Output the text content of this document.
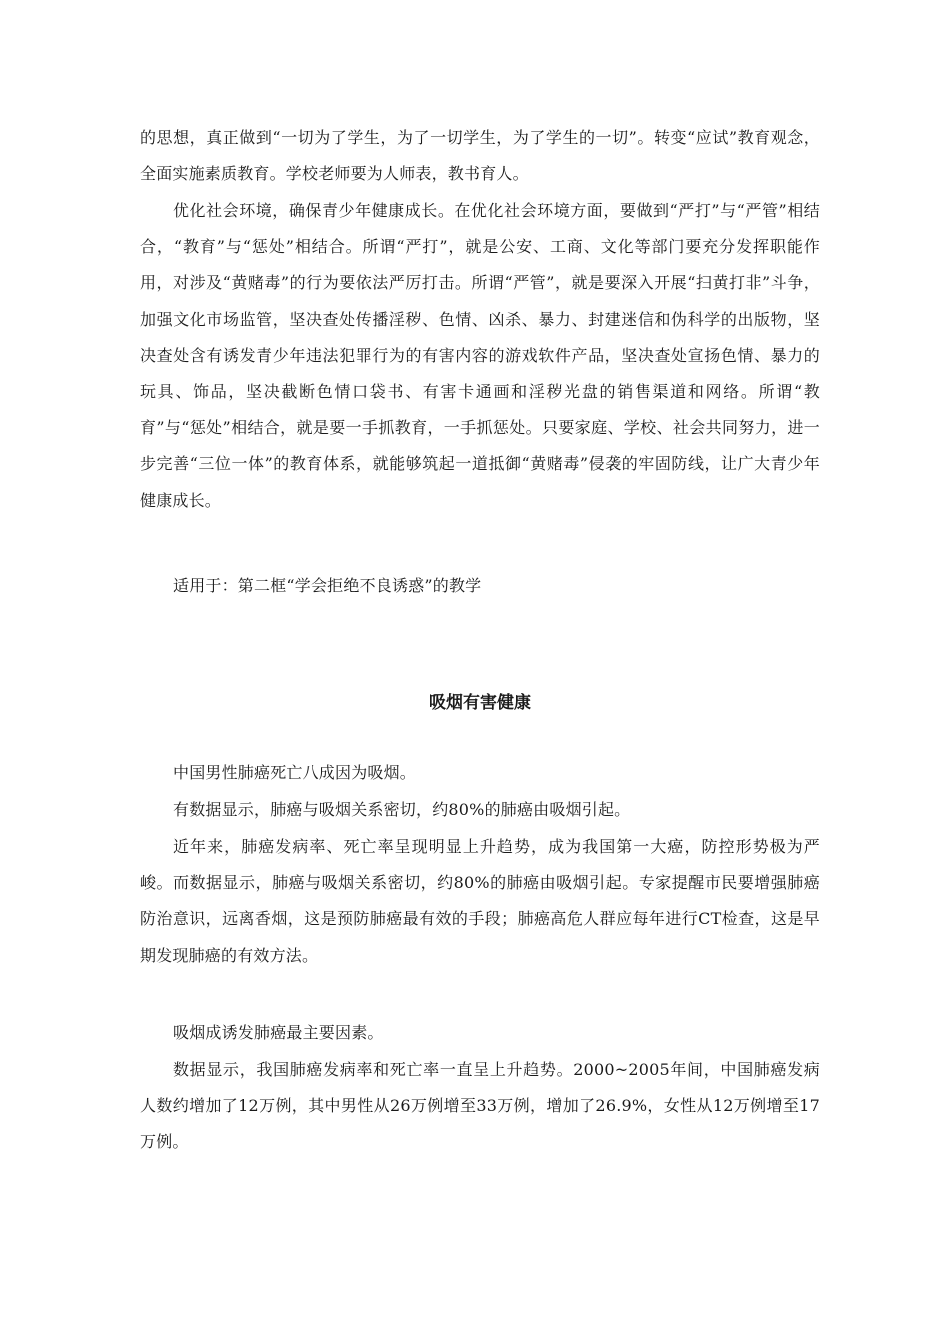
的思想，真正做到“一切为了学生，为了一切学生，为了学生的一切”。转变“应试”教育观念，全面实施素质教育。学校老师要为人师表，教书育人。

优化社会环境，确保青少年健康成长。在优化社会环境方面，要做到“严打”与“严管”相结合，“教育”与“惩处”相结合。所谓“严打”，就是公安、工商、文化等部门要充分发挥职能作用，对涉及“黄赌毒”的行为要依法严厉打击。所谓“严管”，就是要深入开展“扫黄打非”斗争，加强文化市场监管，坚决查处传播淫秽、色情、凶杀、暴力、封建迷信和伪科学的出版物，坚决查处含有诱发青少年违法犯罪行为的有害内容的游戏软件产品，坚决查处宣扬色情、暴力的玩具、饰品，坚决截断色情口袋书、有害卡通画和淫秽光盘的销售渠道和网络。所谓“教育”与“惩处”相结合，就是要一手抓教育，一手抓惩处。只要家庭、学校、社会共同努力，进一步完善“三位一体”的教育体系，就能够筑起一道抵御“黄赌毒”侵袭的牢固防线，让广大青少年健康成长。

适用于：第二框“学会拒绝不良诱惑”的教学

吸烟有害健康

中国男性肺癌死亡八成因为吸烟。

有数据显示，肺癌与吸烟关系密切，约80%的肺癌由吸烟引起。

近年来，肺癌发病率、死亡率呈现明显上升趋势，成为我国第一大癌，防控形势极为严峻。而数据显示，肺癌与吸烟关系密切，约80%的肺癌由吸烟引起。专家提醒市民要增强肺癌防治意识，远离香烟，这是预防肺癌最有效的手段；肺癌高危人群应每年进行CT检查，这是早期发现肺癌的有效方法。

吸烟成诱发肺癌最主要因素。

数据显示，我国肺癌发病率和死亡率一直呈上升趋势。2000~2005年间，中国肺癌发病人数约增加了12万例，其中男性从26万例增至33万例，增加了26.9%，女性从12万例增至17万例。
